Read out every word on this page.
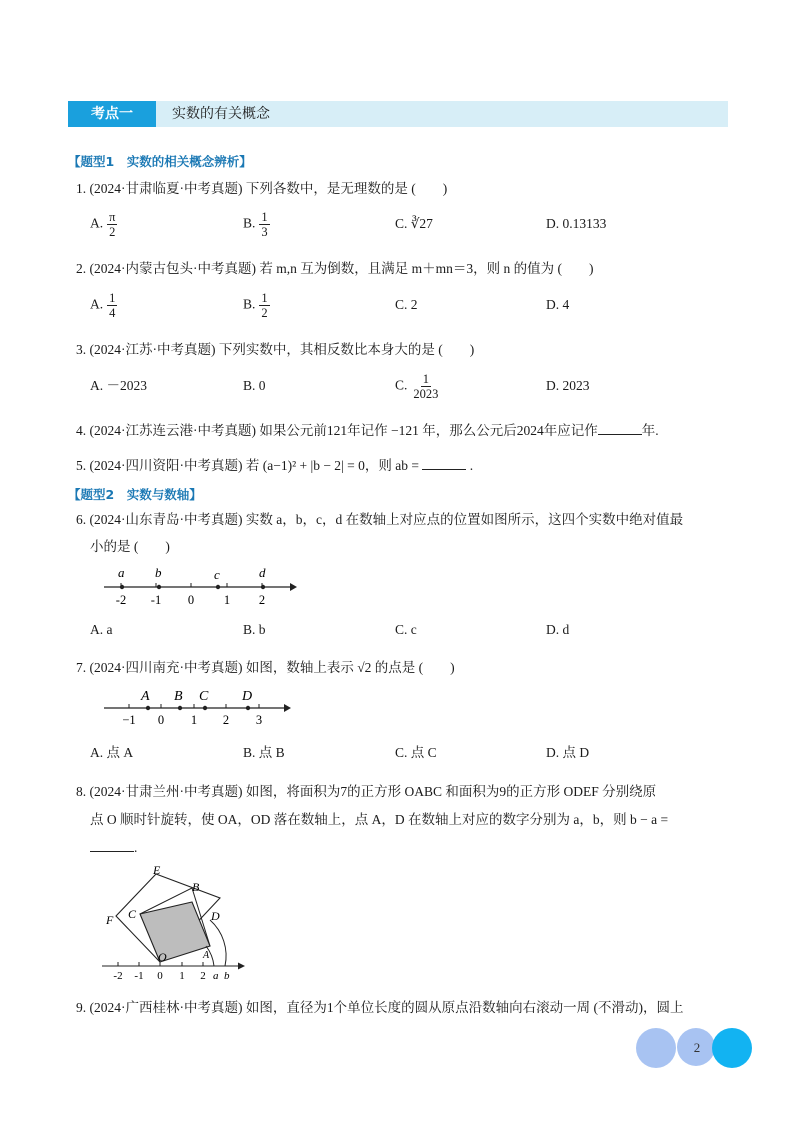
考点一	实数的有关概念
【题型1　实数的相关概念辨析】
1. (2024·甘肃临夏·中考真题) 下列各数中，是无理数的是 (　　)
A. $\frac{\pi}{2}$	B. $\frac{1}{3}$	C. ∛27	D. 0.13133
2. (2024·内蒙古包头·中考真题) 若 m,n 互为倒数，且满足 m＋mn＝3，则 n 的值为 (　　)
A. $\frac{1}{4}$	B. $\frac{1}{2}$	C. 2	D. 4
3. (2024·江苏·中考真题) 下列实数中，其相反数比本身大的是 (　　)
A. －2023	B. 0	C. $\frac{1}{2023}$	D. 2023
4. (2024·江苏连云港·中考真题) 如果公元前121年记作 −121 年，那么公元后2024年应记作	年.
5. (2024·四川资阳·中考真题) 若 (a−1)² + |b − 2| = 0，则 ab =	.
【题型2　实数与数轴】
6. (2024·山东青岛·中考真题) 实数 a，b，c，d 在数轴上对应点的位置如图所示，这四个实数中绝对值最
小的是 (　　)
a b	c	d
-2 -1 0 1 2
A. a	B. b	C. c	D. d
7. (2024·四川南充·中考真题) 如图，数轴上表示 √2 的点是 (　　)
A B C D
−1 0 1 2 3
A. 点 A	B. 点 B	C. 点 C	D. 点 D
8. (2024·甘肃兰州·中考真题) 如图，将面积为7的正方形 OABC 和面积为9的正方形 ODEF 分别绕原
点 O 顺时针旋转，使 OA，OD 落在数轴上，点 A，D 在数轴上对应的数字分别为 a，b，则 b − a =
.
E
B
F C	D
O	A
-2 -1 0 1 2 a b
9. (2024·广西桂林·中考真题) 如图，直径为1个单位长度的圆从原点沿数轴向右滚动一周 (不滑动)，圆上
2
